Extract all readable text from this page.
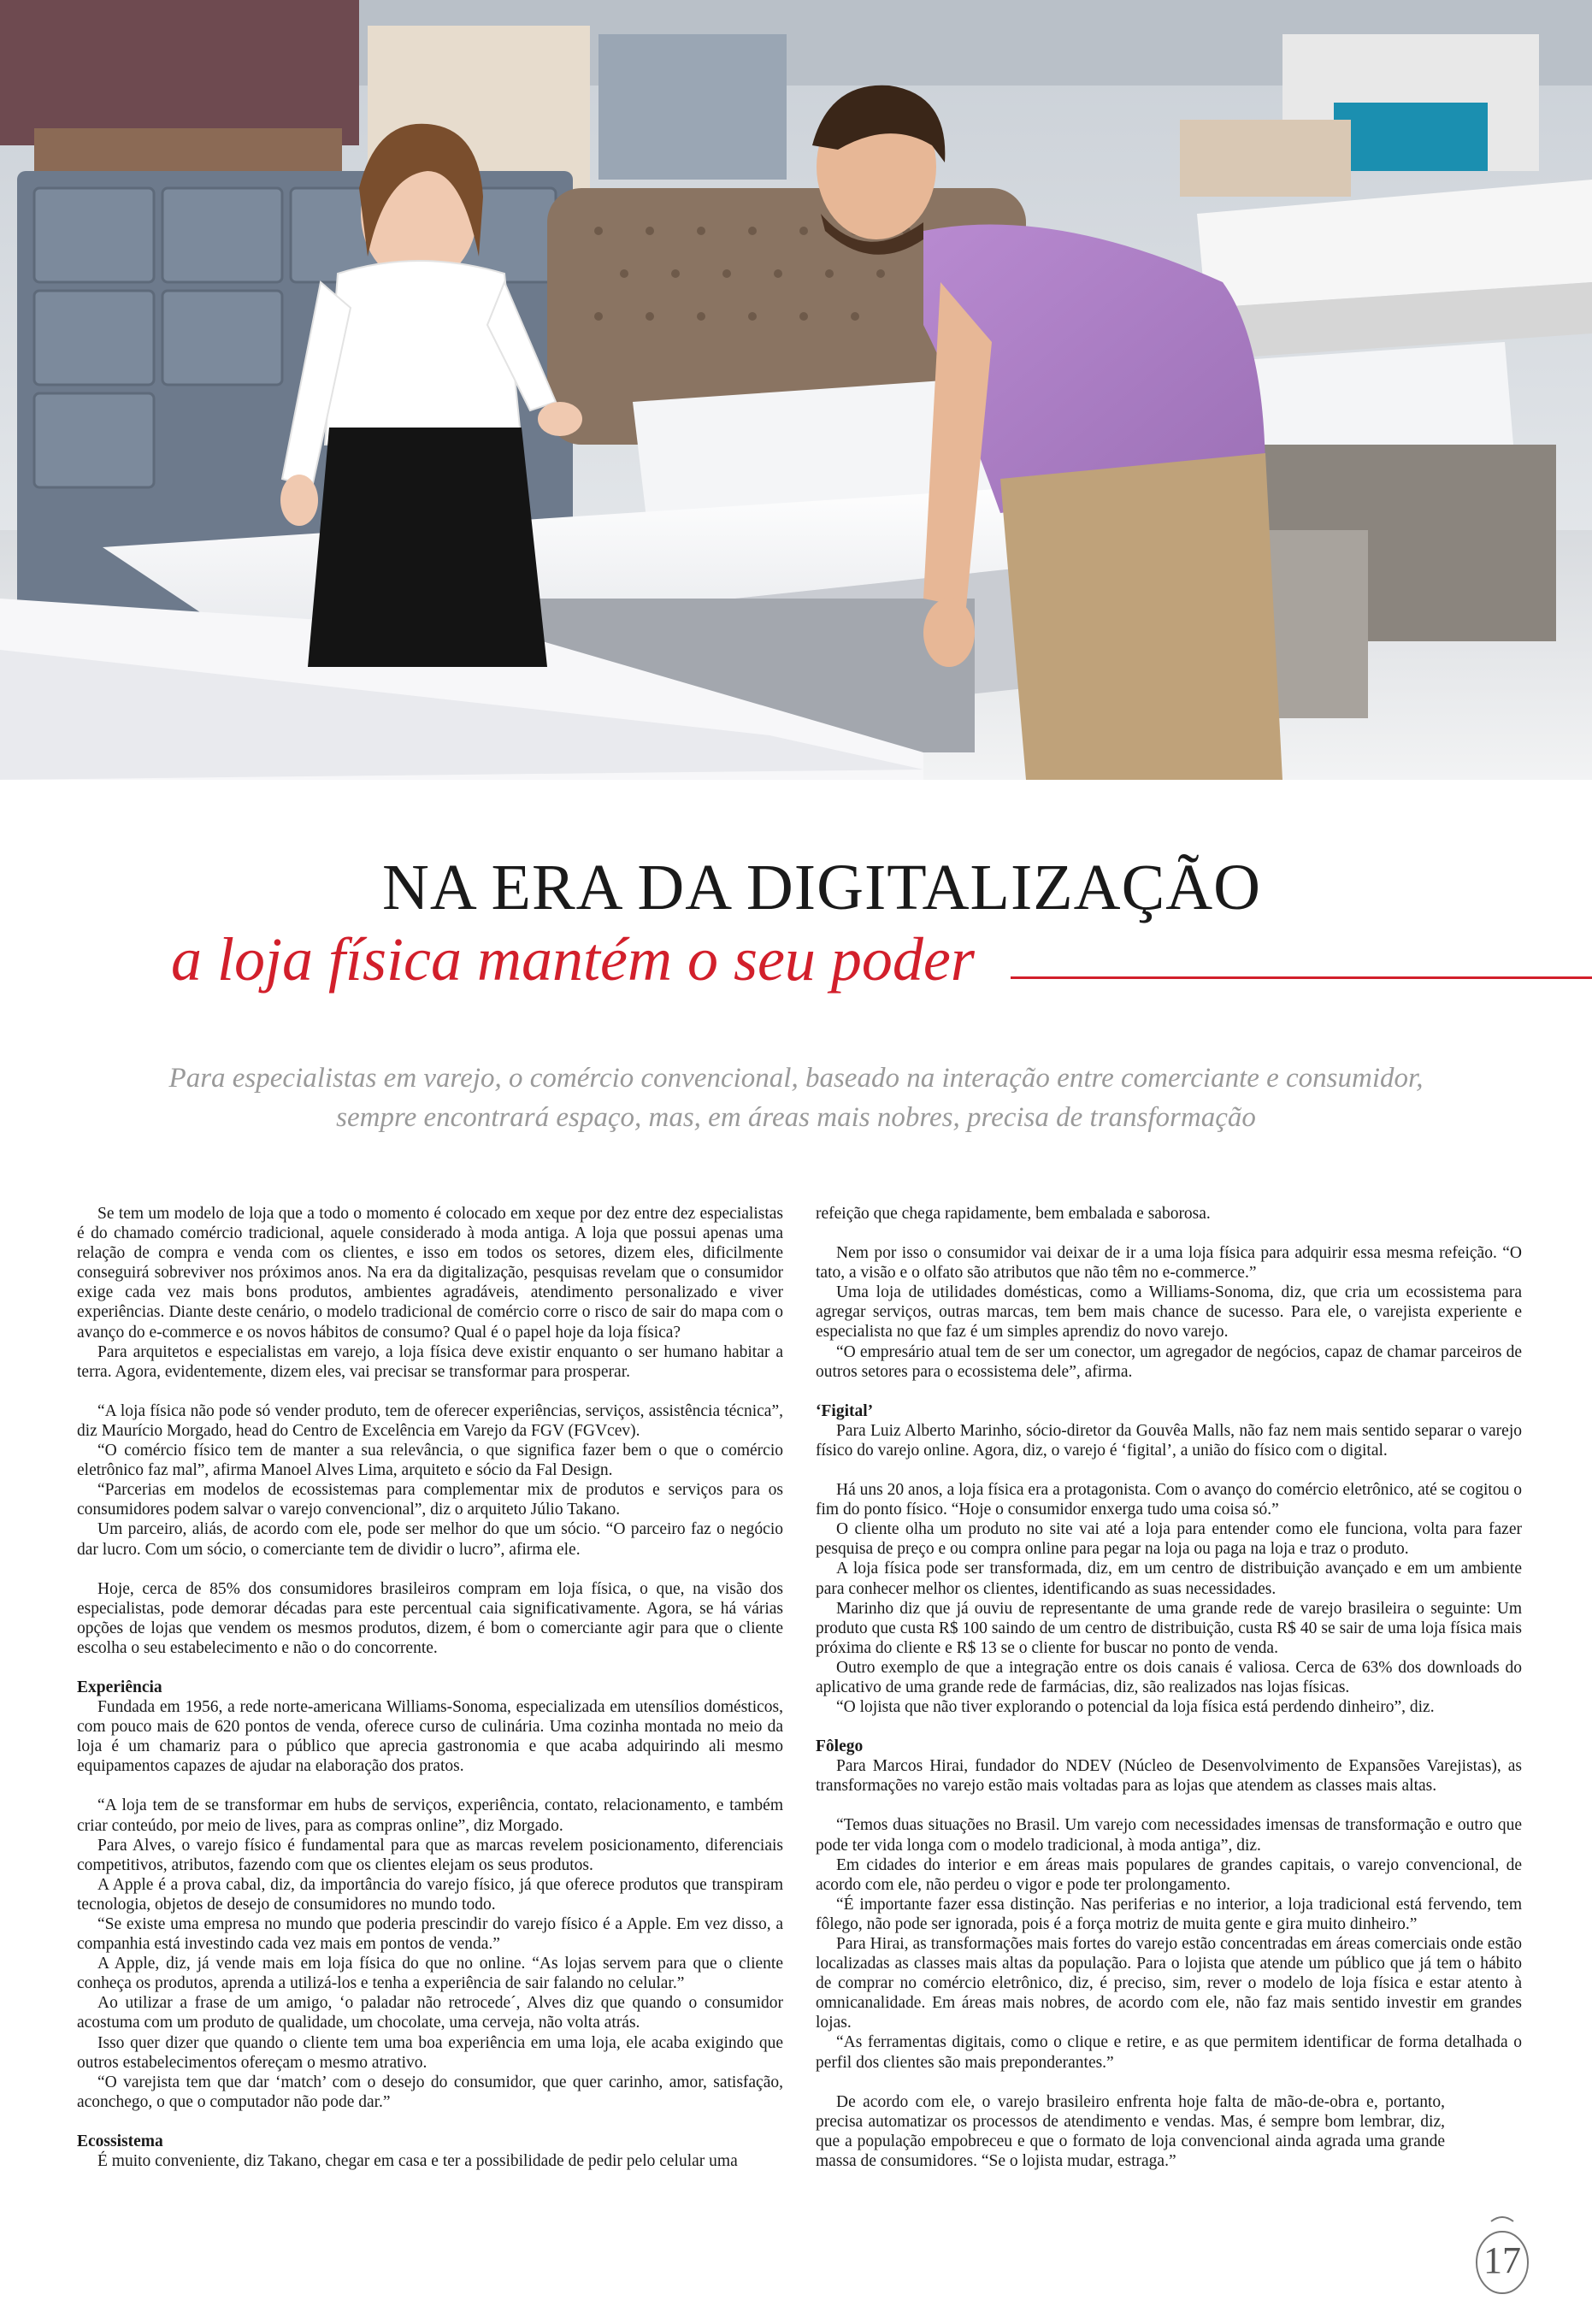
NA ERA DA DIGITALIZAÇÃO
a loja física mantém o seu poder
Para especialistas em varejo, o comércio convencional, baseado na interação entre comerciante e consumidor,
sempre encontrará espaço, mas, em áreas mais nobres, precisa de transformação

Se tem um modelo de loja que a todo o momento é colocado em xeque por dez entre dez especialistas é do chamado comércio tradicional, aquele considerado à moda antiga. A loja que possui apenas uma relação de compra e venda com os clientes, e isso em todos os setores, dizem eles, dificilmente conseguirá sobreviver nos próximos anos. Na era da digitalização, pesquisas revelam que o consumidor exige cada vez mais bons produtos, ambientes agradáveis, atendimento personalizado e viver experiências. Diante deste cenário, o modelo tradicional de comércio corre o risco de sair do mapa com o avanço do e-commerce e os novos hábitos de consumo? Qual é o papel hoje da loja física?

Para arquitetos e especialistas em varejo, a loja física deve existir enquanto o ser humano habitar a terra. Agora, evidentemente, dizem eles, vai precisar se transformar para prosperar.

“A loja física não pode só vender produto, tem de oferecer experiências, serviços, assistência técnica”, diz Maurício Morgado, head do Centro de Excelência em Varejo da FGV (FGVcev).

“O comércio físico tem de manter a sua relevância, o que significa fazer bem o que o comércio eletrônico faz mal”, afirma Manoel Alves Lima, arquiteto e sócio da Fal Design.

“Parcerias em modelos de ecossistemas para complementar mix de produtos e serviços para os consumidores podem salvar o varejo convencional”, diz o arquiteto Júlio Takano.

Um parceiro, aliás, de acordo com ele, pode ser melhor do que um sócio. “O parceiro faz o negócio dar lucro. Com um sócio, o comerciante tem de dividir o lucro”, afirma ele.

Hoje, cerca de 85% dos consumidores brasileiros compram em loja física, o que, na visão dos especialistas, pode demorar décadas para este percentual caia significativamente. Agora, se há várias opções de lojas que vendem os mesmos produtos, dizem, é bom o comerciante agir para que o cliente escolha o seu estabelecimento e não o do concorrente.

Experiência

Fundada em 1956, a rede norte-americana Williams-Sonoma, especializada em utensílios domésticos, com pouco mais de 620 pontos de venda, oferece curso de culinária. Uma cozinha montada no meio da loja é um chamariz para o público que aprecia gastronomia e que acaba adquirindo ali mesmo equipamentos capazes de ajudar na elaboração dos pratos.

“A loja tem de se transformar em hubs de serviços, experiência, contato, relacionamento, e também criar conteúdo, por meio de lives, para as compras online”, diz Morgado.

Para Alves, o varejo físico é fundamental para que as marcas revelem posicionamento, diferenciais competitivos, atributos, fazendo com que os clientes elejam os seus produtos.

A Apple é a prova cabal, diz, da importância do varejo físico, já que oferece produtos que transpiram tecnologia, objetos de desejo de consumidores no mundo todo.

“Se existe uma empresa no mundo que poderia prescindir do varejo físico é a Apple. Em vez disso, a companhia está investindo cada vez mais em pontos de venda.”

A Apple, diz, já vende mais em loja física do que no online. “As lojas servem para que o cliente conheça os produtos, aprenda a utilizá-los e tenha a experiência de sair falando no celular.”

Ao utilizar a frase de um amigo, ‘o paladar não retrocede´, Alves diz que quando o consumidor acostuma com um produto de qualidade, um chocolate, uma cerveja, não volta atrás.

Isso quer dizer que quando o cliente tem uma boa experiência em uma loja, ele acaba exigindo que outros estabelecimentos ofereçam o mesmo atrativo.

“O varejista tem que dar ‘match’ com o desejo do consumidor, que quer carinho, amor, satisfação, aconchego, o que o computador não pode dar.”

Ecossistema

É muito conveniente, diz Takano, chegar em casa e ter a possibilidade de pedir pelo celular uma

refeição que chega rapidamente, bem embalada e saborosa.

Nem por isso o consumidor vai deixar de ir a uma loja física para adquirir essa mesma refeição. “O tato, a visão e o olfato são atributos que não têm no e-commerce.”

Uma loja de utilidades domésticas, como a Williams-Sonoma, diz, que cria um ecossistema para agregar serviços, outras marcas, tem bem mais chance de sucesso. Para ele, o varejista experiente e especialista no que faz é um simples aprendiz do novo varejo.

“O empresário atual tem de ser um conector, um agregador de negócios, capaz de chamar parceiros de outros setores para o ecossistema dele”, afirma.

‘Figital’

Para Luiz Alberto Marinho, sócio-diretor da Gouvêa Malls, não faz nem mais sentido separar o varejo físico do varejo online. Agora, diz, o varejo é ‘figital’, a união do físico com o digital.

Há uns 20 anos, a loja física era a protagonista. Com o avanço do comércio eletrônico, até se cogitou o fim do ponto físico. “Hoje o consumidor enxerga tudo uma coisa só.”

O cliente olha um produto no site vai até a loja para entender como ele funciona, volta para fazer pesquisa de preço e ou compra online para pegar na loja ou paga na loja e traz o produto.

A loja física pode ser transformada, diz, em um centro de distribuição avançado e em um ambiente para conhecer melhor os clientes, identificando as suas necessidades.

Marinho diz que já ouviu de representante de uma grande rede de varejo brasileira o seguinte: Um produto que custa R$ 100 saindo de um centro de distribuição, custa R$ 40 se sair de uma loja física mais próxima do cliente e R$ 13 se o cliente for buscar no ponto de venda.

Outro exemplo de que a integração entre os dois canais é valiosa. Cerca de 63% dos downloads do aplicativo de uma grande rede de farmácias, diz, são realizados nas lojas físicas.

“O lojista que não tiver explorando o potencial da loja física está perdendo dinheiro”, diz.

Fôlego

Para Marcos Hirai, fundador do NDEV (Núcleo de Desenvolvimento de Expansões Varejistas), as transformações no varejo estão mais voltadas para as lojas que atendem as classes mais altas.

“Temos duas situações no Brasil. Um varejo com necessidades imensas de transformação e outro que pode ter vida longa com o modelo tradicional, à moda antiga”, diz.

Em cidades do interior e em áreas mais populares de grandes capitais, o varejo convencional, de acordo com ele, não perdeu o vigor e pode ter prolongamento.

“É importante fazer essa distinção. Nas periferias e no interior, a loja tradicional está fervendo, tem fôlego, não pode ser ignorada, pois é a força motriz de muita gente e gira muito dinheiro.”

Para Hirai, as transformações mais fortes do varejo estão concentradas em áreas comerciais onde estão localizadas as classes mais altas da população. Para o lojista que atende um público que já tem o hábito de comprar no comércio eletrônico, diz, é preciso, sim, rever o modelo de loja física e estar atento à omnicanalidade. Em áreas mais nobres, de acordo com ele, não faz mais sentido investir em grandes lojas.

“As ferramentas digitais, como o clique e retire, e as que permitem identificar de forma detalhada o perfil dos clientes são mais preponderantes.”

De acordo com ele, o varejo brasileiro enfrenta hoje falta de mão-de-obra e, portanto, precisa automatizar os processos de atendimento e vendas. Mas, é sempre bom lembrar, diz, que a população empobreceu e que o formato de loja convencional ainda agrada uma grande massa de consumidores. “Se o lojista mudar, estraga.”

17
